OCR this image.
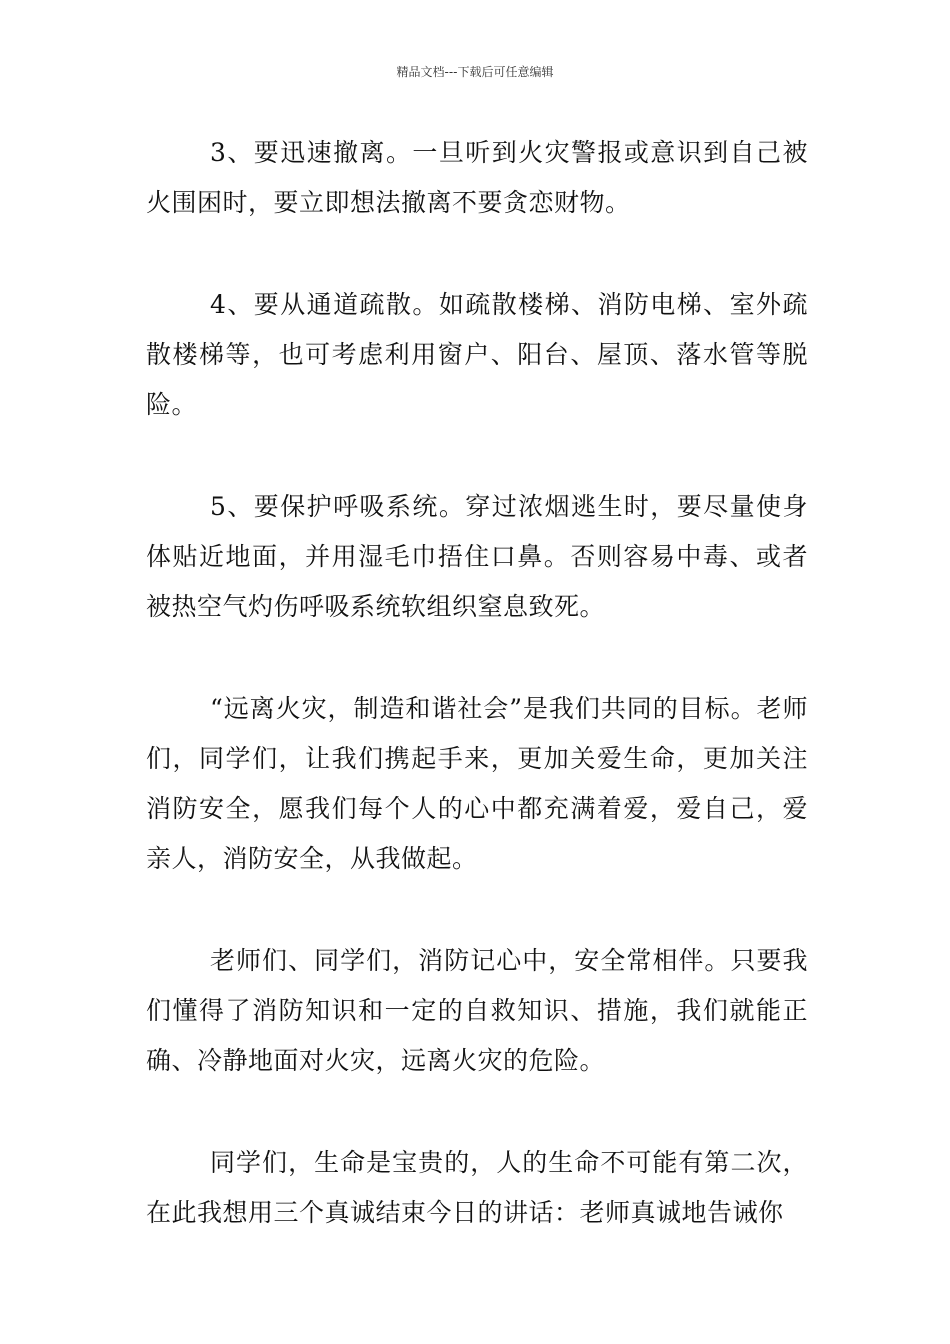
精品文档---下载后可任意编辑

3、要迅速撤离。一旦听到火灾警报或意识到自己被火围困时，要立即想法撤离不要贪恋财物。

4、要从通道疏散。如疏散楼梯、消防电梯、室外疏散楼梯等，也可考虑利用窗户、阳台、屋顶、落水管等脱险。

5、要保护呼吸系统。穿过浓烟逃生时，要尽量使身体贴近地面，并用湿毛巾捂住口鼻。否则容易中毒、或者被热空气灼伤呼吸系统软组织窒息致死。

“远离火灾，制造和谐社会”是我们共同的目标。老师们，同学们，让我们携起手来，更加关爱生命，更加关注消防安全，愿我们每个人的心中都充满着爱，爱自己，爱亲人，消防安全，从我做起。

老师们、同学们，消防记心中，安全常相伴。只要我们懂得了消防知识和一定的自救知识、措施，我们就能正确、冷静地面对火灾，远离火灾的危险。

同学们，生命是宝贵的，人的生命不可能有第二次，在此我想用三个真诚结束今日的讲话：老师真诚地告诫你
